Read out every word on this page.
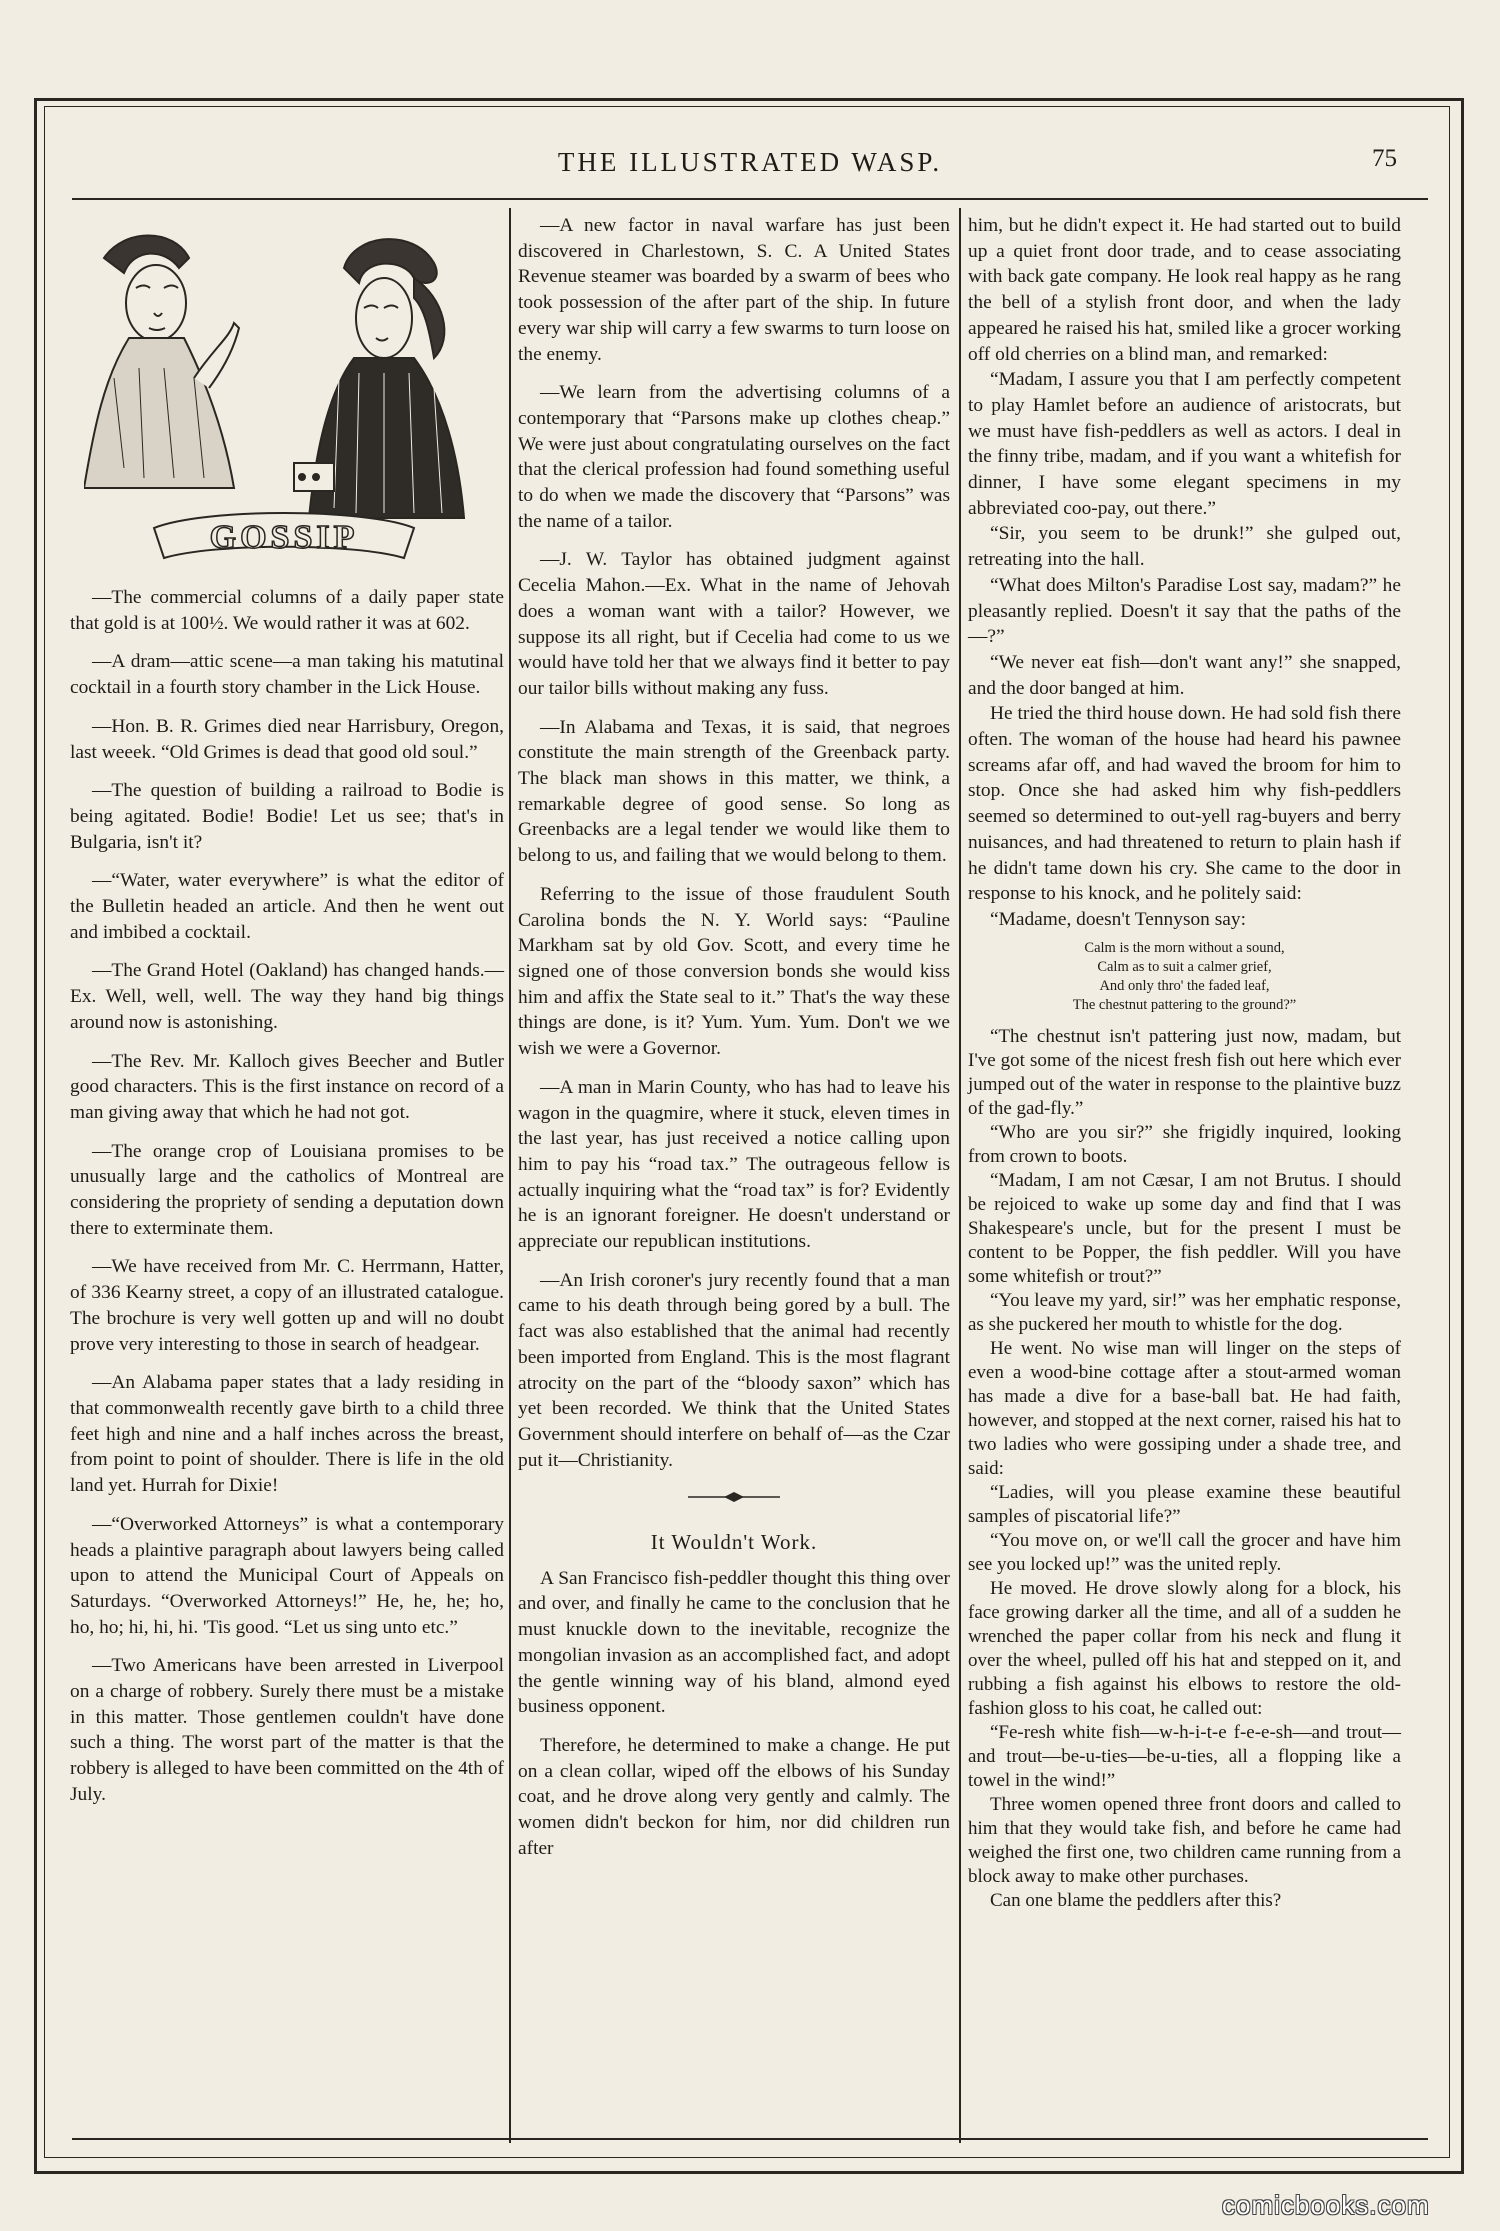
THE ILLUSTRATED WASP.	75
GOSSIP

—The commercial columns of a daily paper state that gold is at 100½. We would rather it was at 602.

—A dram—attic scene—a man taking his matutinal cocktail in a fourth story chamber in the Lick House.

—Hon. B. R. Grimes died near Harrisbury, Oregon, last weeek. “Old Grimes is dead that good old soul.”

—The question of building a railroad to Bodie is being agitated. Bodie! Bodie! Let us see; that's in Bulgaria, isn't it?

—“Water, water everywhere” is what the editor of the Bulletin headed an article. And then he went out and imbibed a cocktail.

—The Grand Hotel (Oakland) has changed hands.—Ex. Well, well, well. The way they hand big things around now is astonishing.

—The Rev. Mr. Kalloch gives Beecher and Butler good characters. This is the first instance on record of a man giving away that which he had not got.

—The orange crop of Louisiana promises to be unusually large and the catholics of Montreal are considering the propriety of sending a deputation down there to exterminate them.

—We have received from Mr. C. Herrmann, Hatter, of 336 Kearny street, a copy of an illustrated catalogue. The brochure is very well gotten up and will no doubt prove very interesting to those in search of headgear.

—An Alabama paper states that a lady residing in that commonwealth recently gave birth to a child three feet high and nine and a half inches across the breast, from point to point of shoulder. There is life in the old land yet. Hurrah for Dixie!

—“Overworked Attorneys” is what a contemporary heads a plaintive paragraph about lawyers being called upon to attend the Municipal Court of Appeals on Saturdays. “Overworked Attorneys!” He, he, he; ho, ho, ho; hi, hi, hi. 'Tis good. “Let us sing unto etc.”

—Two Americans have been arrested in Liverpool on a charge of robbery. Surely there must be a mistake in this matter. Those gentlemen couldn't have done such a thing. The worst part of the matter is that the robbery is alleged to have been committed on the 4th of July.

—A new factor in naval warfare has just been discovered in Charlestown, S. C. A United States Revenue steamer was boarded by a swarm of bees who took possession of the after part of the ship. In future every war ship will carry a few swarms to turn loose on the enemy.

—We learn from the advertising columns of a contemporary that “Parsons make up clothes cheap.” We were just about congratulating ourselves on the fact that the clerical profession had found something useful to do when we made the discovery that “Parsons” was the name of a tailor.

—J. W. Taylor has obtained judgment against Cecelia Mahon.—Ex. What in the name of Jehovah does a woman want with a tailor? However, we suppose its all right, but if Cecelia had come to us we would have told her that we always find it better to pay our tailor bills without making any fuss.

—In Alabama and Texas, it is said, that negroes constitute the main strength of the Greenback party. The black man shows in this matter, we think, a remarkable degree of good sense. So long as Greenbacks are a legal tender we would like them to belong to us, and failing that we would belong to them.

Referring to the issue of those fraudulent South Carolina bonds the N. Y. World says: “Pauline Markham sat by old Gov. Scott, and every time he signed one of those conversion bonds she would kiss him and affix the State seal to it.” That's the way these things are done, is it? Yum. Yum. Yum. Don't we we wish we were a Governor.

—A man in Marin County, who has had to leave his wagon in the quagmire, where it stuck, eleven times in the last year, has just received a notice calling upon him to pay his “road tax.” The outrageous fellow is actually inquiring what the “road tax” is for? Evidently he is an ignorant foreigner. He doesn't understand or appreciate our republican institutions.

—An Irish coroner's jury recently found that a man came to his death through being gored by a bull. The fact was also established that the animal had recently been imported from England. This is the most flagrant atrocity on the part of the “bloody saxon” which has yet been recorded. We think that the United States Government should interfere on behalf of—as the Czar put it—Christianity.

It Wouldn't Work.

A San Francisco fish-peddler thought this thing over and over, and finally he came to the conclusion that he must knuckle down to the inevitable, recognize the mongolian invasion as an accomplished fact, and adopt the gentle winning way of his bland, almond eyed business opponent.

Therefore, he determined to make a change. He put on a clean collar, wiped off the elbows of his Sunday coat, and he drove along very gently and calmly. The women didn't beckon for him, nor did children run after

him, but he didn't expect it. He had started out to build up a quiet front door trade, and to cease associating with back gate company. He look real happy as he rang the bell of a stylish front door, and when the lady appeared he raised his hat, smiled like a grocer working off old cherries on a blind man, and remarked:

“Madam, I assure you that I am perfectly competent to play Hamlet before an audience of aristocrats, but we must have fish-peddlers as well as actors. I deal in the finny tribe, madam, and if you want a whitefish for dinner, I have some elegant specimens in my abbreviated coo-pay, out there.”

“Sir, you seem to be drunk!” she gulped out, retreating into the hall.

“What does Milton's Paradise Lost say, madam?” he pleasantly replied. Doesn't it say that the paths of the—?”

“We never eat fish—don't want any!” she snapped, and the door banged at him.

He tried the third house down. He had sold fish there often. The woman of the house had heard his pawnee screams afar off, and had waved the broom for him to stop. Once she had asked him why fish-peddlers seemed so determined to out-yell rag-buyers and berry nuisances, and had threatened to return to plain hash if he didn't tame down his cry. She came to the door in response to his knock, and he politely said:

“Madame, doesn't Tennyson say:

Calm is the morn without a sound,
Calm as to suit a calmer grief,
And only thro' the faded leaf,
The chestnut pattering to the ground?”

“The chestnut isn't pattering just now, madam, but I've got some of the nicest fresh fish out here which ever jumped out of the water in response to the plaintive buzz of the gad-fly.”

“Who are you sir?” she frigidly inquired, looking from crown to boots.

“Madam, I am not Cæsar, I am not Brutus. I should be rejoiced to wake up some day and find that I was Shakespeare's uncle, but for the present I must be content to be Popper, the fish peddler. Will you have some whitefish or trout?”

“You leave my yard, sir!” was her emphatic response, as she puckered her mouth to whistle for the dog.

He went. No wise man will linger on the steps of even a wood-bine cottage after a stout-armed woman has made a dive for a base-ball bat. He had faith, however, and stopped at the next corner, raised his hat to two ladies who were gossiping under a shade tree, and said:

“Ladies, will you please examine these beautiful samples of piscatorial life?”

“You move on, or we'll call the grocer and have him see you locked up!” was the united reply.

He moved. He drove slowly along for a block, his face growing darker all the time, and all of a sudden he wrenched the paper collar from his neck and flung it over the wheel, pulled off his hat and stepped on it, and rubbing a fish against his elbows to restore the old-fashion gloss to his coat, he called out:

“Fe-resh white fish—w-h-i-t-e f-e-e-sh—and trout—and trout—be-u-ties—be-u-ties, all a flopping like a towel in the wind!”

Three women opened three front doors and called to him that they would take fish, and before he came had weighed the first one, two children came running from a block away to make other purchases.

Can one blame the peddlers after this?

comicbooks.com
